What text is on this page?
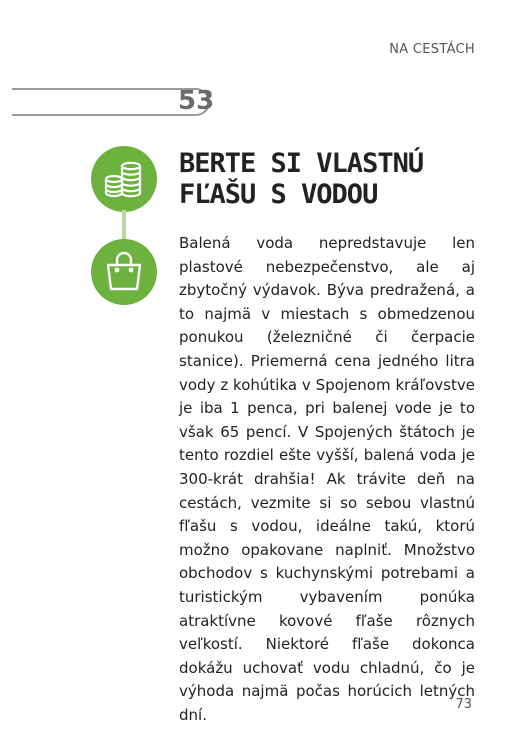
NA CESTÁCH
53
BERTE SI VLASTNÚ
FĽAŠU S VODOU
Balená voda nepredstavuje len plastové nebezpečenstvo, ale aj zbytočný výdavok. Býva predražená, a to najmä v miestach s obmedzenou ponukou (železničné či čerpacie stanice). Priemerná cena jedného litra vody z kohútika v Spojenom kráľovstve je iba 1 penca, pri balenej vode je to však 65 pencí. V Spojených štátoch je tento rozdiel ešte vyšší, balená voda je 300-krát drahšia! Ak trávite deň na cestách, vezmite si so sebou vlastnú fľašu s vodou, ideálne takú, ktorú možno opakovane naplniť. Množstvo obchodov s kuchynskými potrebami a turistickým vybavením ponúka atraktívne kovové fľaše rôznych veľkostí. Niektoré fľaše dokonca dokážu uchovať vodu chladnú, čo je výhoda najmä počas horúcich letných dní.
73
